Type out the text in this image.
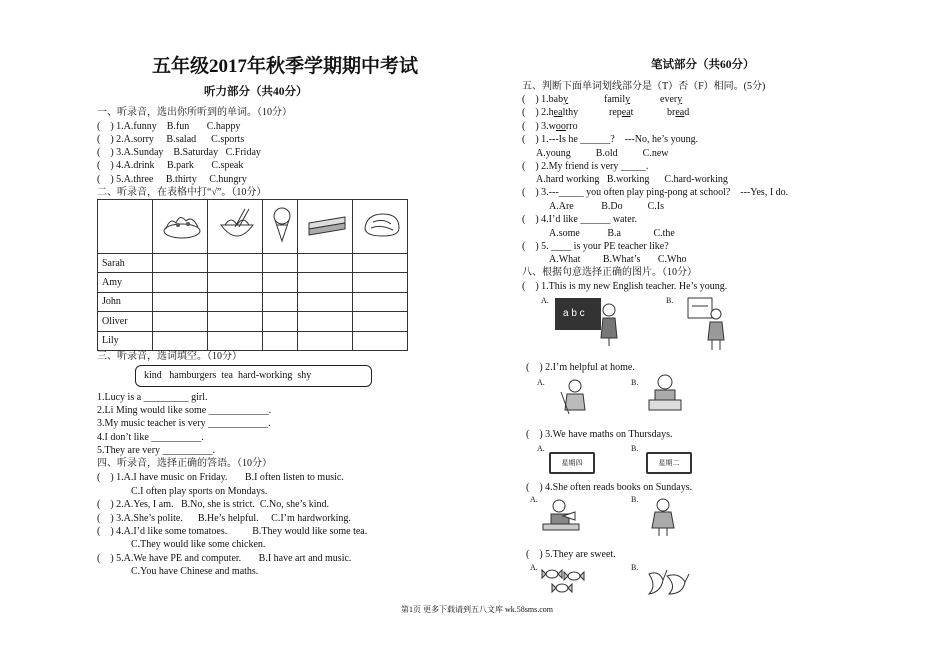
五年级2017年秋季学期期中考试
听力部分（共40分）
笔试部分（共60分）
一、听录音，选出你所听到的单词。（10分）
(    ) 1.A.funny    B.fun       C.happy
(    ) 2.A.sorry     B.salad      C.sports
(    ) 3.A.Sunday    B.Saturday   C.Friday
(    ) 4.A.drink     B.park       C.speak
(    ) 5.A.three     B.thirty     C.hungry
二、听录音，在表格中打“√”。（10分）

Sarah					
Amy					
John					
Oliver					
Lily					
三、听录音，选词填空。（10分）
kind   hamburgers  tea  hard-working  shy
1.Lucy is a _________ girl.
2.Li Ming would like some ____________.
3.My music teacher is very ____________.
4.I don’t like __________.
5.They are very __________.
四、听录音，选择正确的答语。（10分）
(    ) 1.A.I have music on Friday.       B.I often listen to music.
C.I often play sports on Mondays.
(    ) 2.A.Yes, I am.   B.No, she is strict.  C.No, she’s kind.
(    ) 3.A.She’s polite.      B.He’s helpful.     C.I’m hardworking.
(    ) 4.A.I’d like some tomatoes.          B.They would like some tea.
C.They would like some chicken.
(    ) 5.A.We have PE and computer.       B.I have art and music.
C.You have Chinese and maths.
五、判断下面单词划线部分是（T）否（F）相同。(5分)
(    ) 1.baby	family	every
(    ) 2.healthy	repeat	bread
(    ) 3.woorro
(    ) 1.---Is he ______?    ---No, he’s young.
A.young          B.old          C.new
(    ) 2.My friend is very _____.
A.hard working   B.working      C.hard-working
(    ) 3.---_____ you often play ping-pong at school?    ---Yes, I do.
A.Are           B.Do          C.Is
(    ) 4.I’d like ______ water.
A.some           B.a             C.the
(    ) 5. ____ is your PE teacher like?
A.What         B.What’s       C.Who
八、根据句意选择正确的图片。（10分）
(    ) 1.This is my new English teacher. He’s young.
A.
a b c
B.
(    ) 2.I’m helpful at home.
A.	B.
(    ) 3.We have maths on Thursdays.
A.
星期四
B.
星期二
(    ) 4.She often reads books on Sundays.
A.	B.
(    ) 5.They are sweet.
A.	B.
第1页 更多下载请到五八文库 wk.58sms.com
